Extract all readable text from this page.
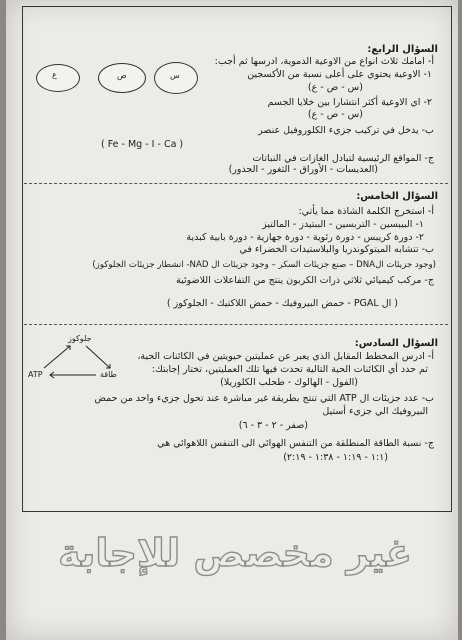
السؤال الرابع:
أ- امامك ثلاث انواع من الاوعية الدموية، ادرسها ثم أجب:
١- الاوعية يحتوي على أعلى نسبة من الأكسجين
(س - ص - ع)
ع	ص	س
٢- اي الاوعية أكثر انتشارا بين خلايا الجسم
(س - ص - ع)
ب- يدخل في تركيب جزيء الكلوروفيل عنصر
( Fe - Mg - I - Ca )
ج- المواقع الرئيسية لتبادل الغازات في النباتات
(العديسات - الأوراق - الثغور - الجذور)
السؤال الخامس:
أ- استخرج الكلمة الشاذة مما يأتي:
١- البيبسين - التربسين - الببتيدز - المالتيز
٢- دورة كريبس - دورة رئوية - دورة جهازية - دورة بابية كبدية
ب- تتشابه الميتوكوندريا والبلاستيدات الخضراء في
(وجود جزيئات الDNA – صنع جزيئات السكر – وجود جزيئات ال NAD- انشطار جزيئات الجلوكوز)
ج- مركب كيميائي ثلاثي ذرات الكربون ينتج من التفاعلات اللاضوئية
( ال PGAL - حمض البيروفيك - حمض اللاكتيك - الجلوكوز )
السؤال السادس:
أ- ادرس المخطط المقابل الذي يعبر عن عمليتين حيويتين في الكائنات الحية،
ثم حدد أي الكائنات الحية التالية تحدث فيها تلك العمليتين، تختار إجابتك:
(الفول - الهالوك - طحلب الكلوريلا)
جلوكوز
ATP	طاقة
ب- عدد جزيئات ال ATP التي تنتج بطريقة غير مباشرة عند تحول جزيء واحد من حمض
البيروفيك الي جزيء أستيل
(صفر - ٢ - ٣ - ٦)
ج- نسبة الطاقة المنطلقة من التنفس الهوائي الى التنفس اللاهوائي هي
(١:١ - ١:١٩ - ١:٣٨ - ٢:١٩)
غير مخصص للإجابة
